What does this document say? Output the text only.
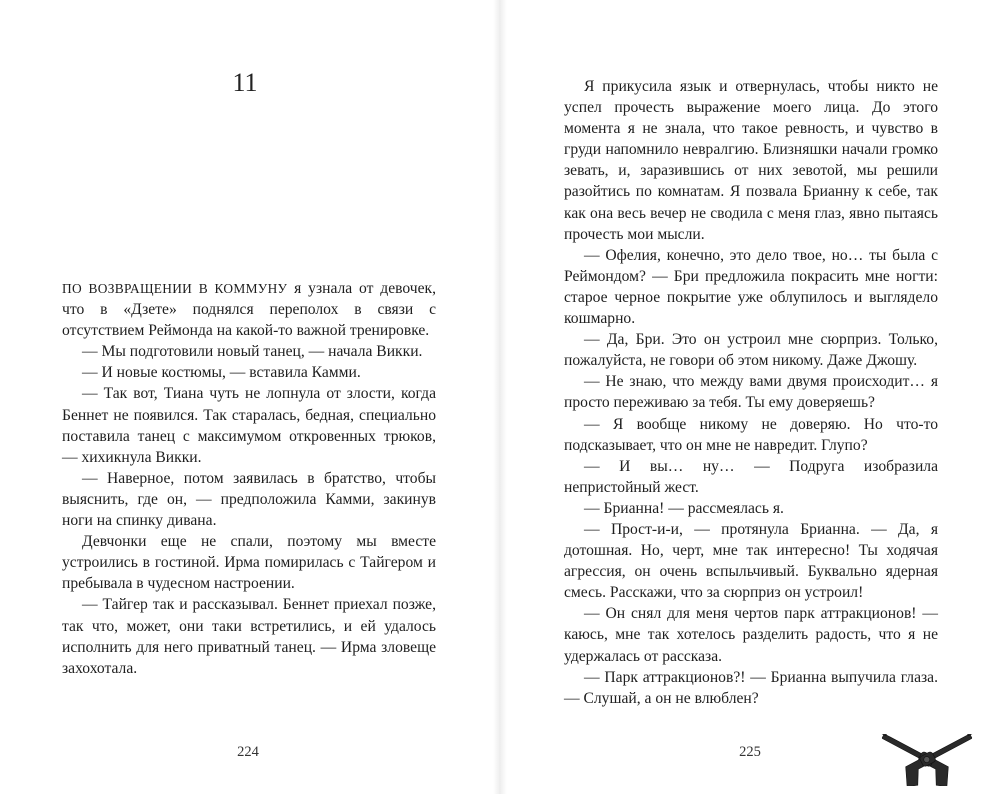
11

ПО ВОЗВРАЩЕНИИ В КОММУНУ я узнала от девочек, что в «Дзете» поднялся переполох в связи с отсутствием Реймонда на какой-то важной тренировке.

— Мы подготовили новый танец, — начала Викки.

— И новые костюмы, — вставила Камми.

— Так вот, Тиана чуть не лопнула от злости, когда Беннет не появился. Так старалась, бедная, специально поставила танец с максимумом откровенных трюков, — хихикнула Викки.

— Наверное, потом заявилась в братство, чтобы выяснить, где он, — предположила Камми, закинув ноги на спинку дивана.

Девчонки еще не спали, поэтому мы вместе устроились в гостиной. Ирма помирилась с Тайгером и пребывала в чудесном настроении.

— Тайгер так и рассказывал. Беннет приехал позже, так что, может, они таки встретились, и ей удалось исполнить для него приватный танец. — Ирма зловеще захохотала.

224

Я прикусила язык и отвернулась, чтобы никто не успел прочесть выражение моего лица. До этого момента я не знала, что такое ревность, и чувство в груди напомнило невралгию. Близняшки начали громко зевать, и, заразившись от них зевотой, мы решили разойтись по комнатам. Я позвала Брианну к себе, так как она весь вечер не сводила с меня глаз, явно пытаясь прочесть мои мысли.

— Офелия, конечно, это дело твое, но… ты была с Реймондом? — Бри предложила покрасить мне ногти: старое черное покрытие уже облупилось и выглядело кошмарно.

— Да, Бри. Это он устроил мне сюрприз. Только, пожалуйста, не говори об этом никому. Даже Джошу.

— Не знаю, что между вами двумя происходит… я просто переживаю за тебя. Ты ему доверяешь?

— Я вообще никому не доверяю. Но что-то подсказывает, что он мне не навредит. Глупо?

— И вы… ну… — Подруга изобразила непристойный жест.

— Брианна! — рассмеялась я.

— Прост-и-и, — протянула Брианна. — Да, я дотошная. Но, черт, мне так интересно! Ты ходячая агрессия, он очень вспыльчивый. Буквально ядерная смесь. Расскажи, что за сюрприз он устроил!

— Он снял для меня чертов парк аттракционов! — каюсь, мне так хотелось разделить радость, что я не удержалась от рассказа.

— Парк аттракционов?! — Брианна выпучила глаза. — Слушай, а он не влюблен?

225
